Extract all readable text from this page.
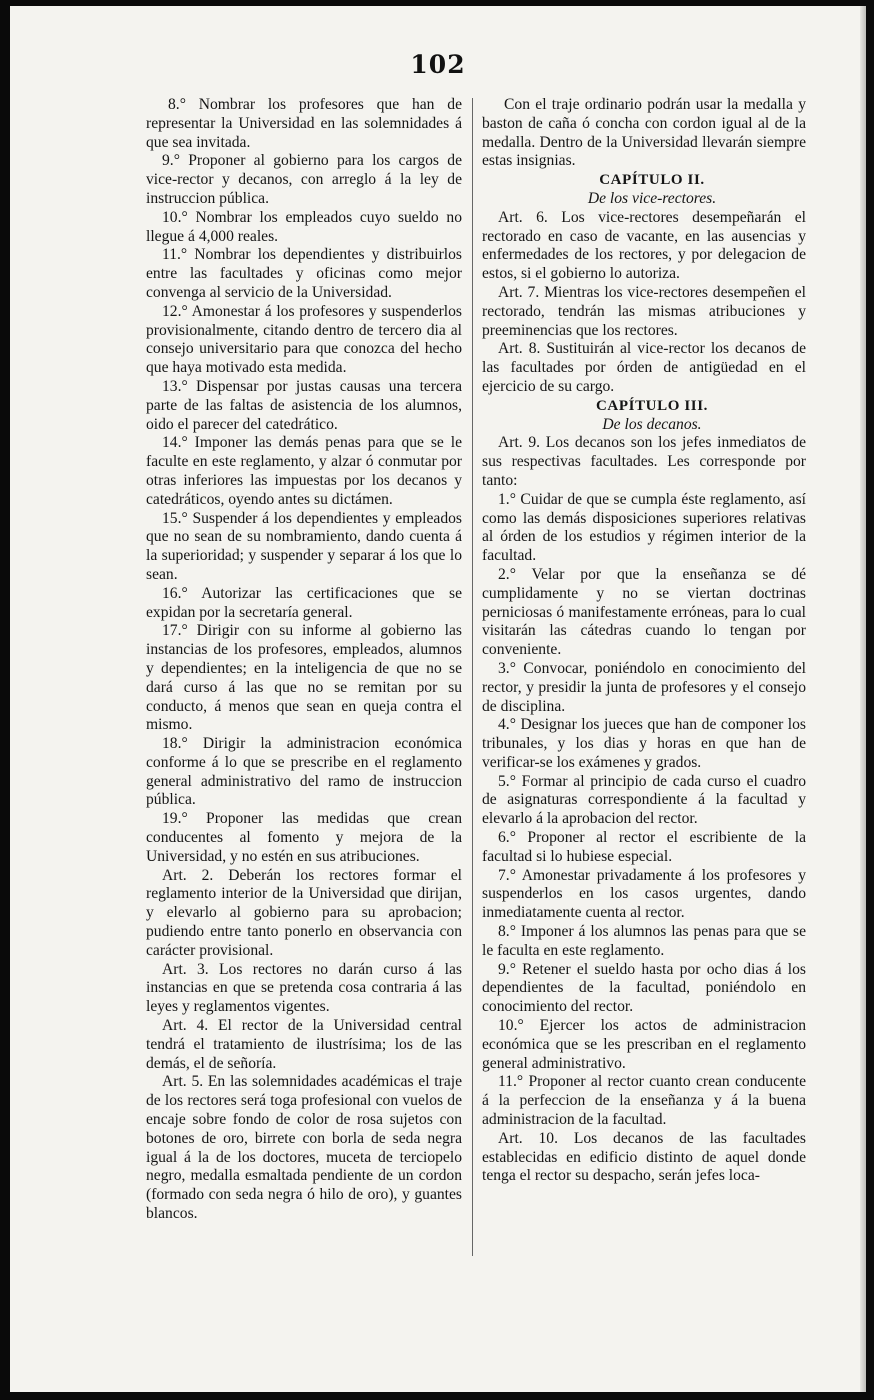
102

8.° Nombrar los profesores que han de representar la Universidad en las solemnidades á que sea invitada.

9.° Proponer al gobierno para los cargos de vice-rector y decanos, con arreglo á la ley de instruccion pública.

10.° Nombrar los empleados cuyo sueldo no llegue á 4,000 reales.

11.° Nombrar los dependientes y distribuirlos entre las facultades y oficinas como mejor convenga al servicio de la Universidad.

12.° Amonestar á los profesores y suspenderlos provisionalmente, citando dentro de tercero dia al consejo universitario para que conozca del hecho que haya motivado esta medida.

13.° Dispensar por justas causas una tercera parte de las faltas de asistencia de los alumnos, oido el parecer del catedrático.

14.° Imponer las demás penas para que se le faculte en este reglamento, y alzar ó conmutar por otras inferiores las impuestas por los decanos y catedráticos, oyendo antes su dictámen.

15.° Suspender á los dependientes y empleados que no sean de su nombramiento, dando cuenta á la superioridad; y suspender y separar á los que lo sean.

16.° Autorizar las certificaciones que se expidan por la secretaría general.

17.° Dirigir con su informe al gobierno las instancias de los profesores, empleados, alumnos y dependientes; en la inteligencia de que no se dará curso á las que no se remitan por su conducto, á menos que sean en queja contra el mismo.

18.° Dirigir la administracion económica conforme á lo que se prescribe en el reglamento general administrativo del ramo de instruccion pública.

19.° Proponer las medidas que crean conducentes al fomento y mejora de la Universidad, y no estén en sus atribuciones.

Art. 2. Deberán los rectores formar el reglamento interior de la Universidad que dirijan, y elevarlo al gobierno para su aprobacion; pudiendo entre tanto ponerlo en observancia con carácter provisional.

Art. 3. Los rectores no darán curso á las instancias en que se pretenda cosa contraria á las leyes y reglamentos vigentes.

Art. 4. El rector de la Universidad central tendrá el tratamiento de ilustrísima; los de las demás, el de señoría.

Art. 5. En las solemnidades académicas el traje de los rectores será toga profesional con vuelos de encaje sobre fondo de color de rosa sujetos con botones de oro, birrete con borla de seda negra igual á la de los doctores, muceta de terciopelo negro, medalla esmaltada pendiente de un cordon (formado con seda negra ó hilo de oro), y guantes blancos.

Con el traje ordinario podrán usar la medalla y baston de caña ó concha con cordon igual al de la medalla. Dentro de la Universidad llevarán siempre estas insignias.

CAPÍTULO II.

De los vice-rectores.

Art. 6. Los vice-rectores desempeñarán el rectorado en caso de vacante, en las ausencias y enfermedades de los rectores, y por delegacion de estos, si el gobierno lo autoriza.

Art. 7. Mientras los vice-rectores desempeñen el rectorado, tendrán las mismas atribuciones y preeminencias que los rectores.

Art. 8. Sustituirán al vice-rector los decanos de las facultades por órden de antigüedad en el ejercicio de su cargo.

CAPÍTULO III.

De los decanos.

Art. 9. Los decanos son los jefes inmediatos de sus respectivas facultades. Les corresponde por tanto:

1.° Cuidar de que se cumpla éste reglamento, así como las demás disposiciones superiores relativas al órden de los estudios y régimen interior de la facultad.

2.° Velar por que la enseñanza se dé cumplidamente y no se viertan doctrinas perniciosas ó manifestamente erróneas, para lo cual visitarán las cátedras cuando lo tengan por conveniente.

3.° Convocar, poniéndolo en conocimiento del rector, y presidir la junta de profesores y el consejo de disciplina.

4.° Designar los jueces que han de componer los tribunales, y los dias y horas en que han de verificar-se los exámenes y grados.

5.° Formar al principio de cada curso el cuadro de asignaturas correspondiente á la facultad y elevarlo á la aprobacion del rector.

6.° Proponer al rector el escribiente de la facultad si lo hubiese especial.

7.° Amonestar privadamente á los profesores y suspenderlos en los casos urgentes, dando inmediatamente cuenta al rector.

8.° Imponer á los alumnos las penas para que se le faculta en este reglamento.

9.° Retener el sueldo hasta por ocho dias á los dependientes de la facultad, poniéndolo en conocimiento del rector.

10.° Ejercer los actos de administracion económica que se les prescriban en el reglamento general administrativo.

11.° Proponer al rector cuanto crean conducente á la perfeccion de la enseñanza y á la buena administracion de la facultad.

Art. 10. Los decanos de las facultades establecidas en edificio distinto de aquel donde tenga el rector su despacho, serán jefes loca-
